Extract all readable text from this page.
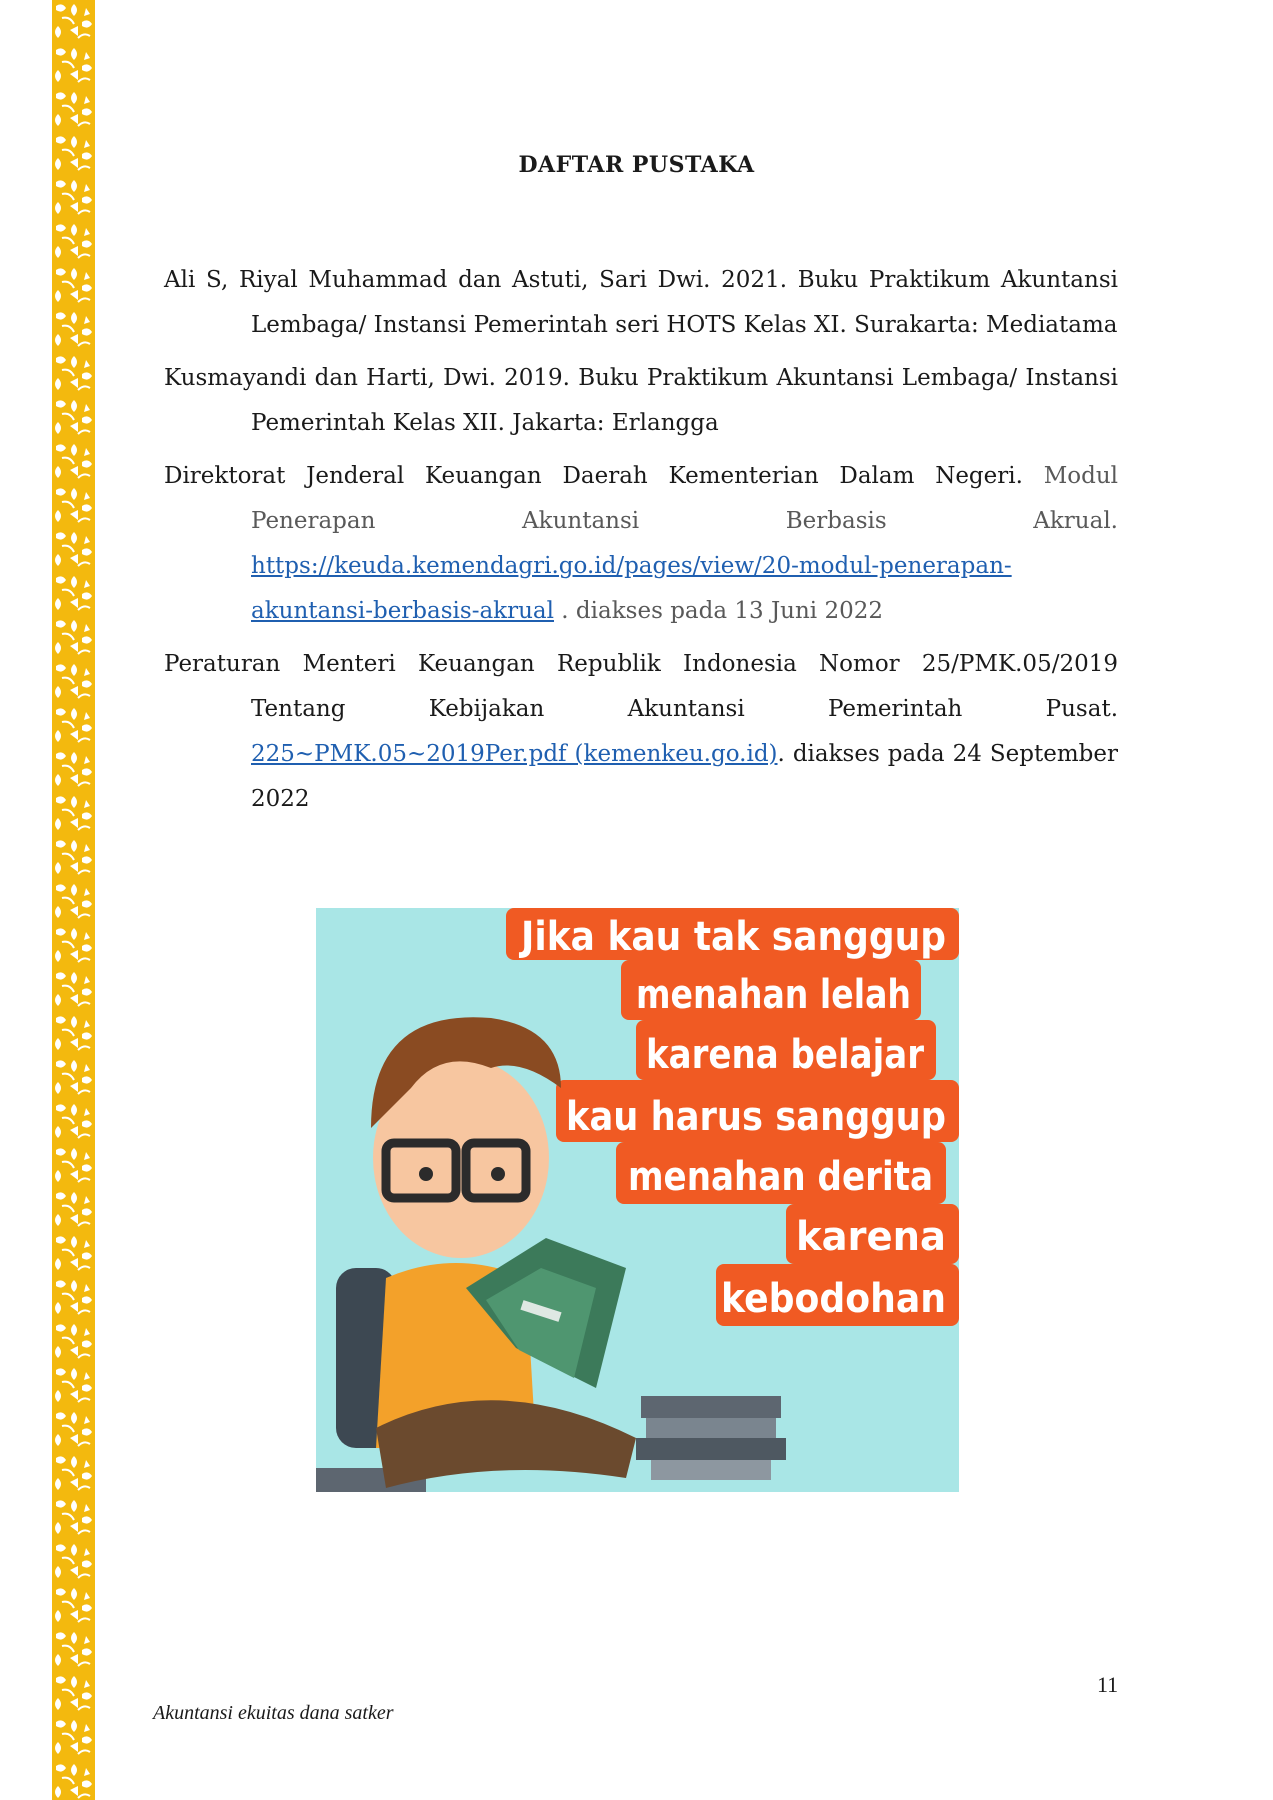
DAFTAR PUSTAKA
Ali S, Riyal Muhammad dan Astuti, Sari Dwi. 2021. Buku Praktikum Akuntansi Lembaga/ Instansi Pemerintah seri HOTS Kelas XI. Surakarta: Mediatama
Kusmayandi dan Harti, Dwi. 2019. Buku Praktikum Akuntansi Lembaga/ Instansi Pemerintah Kelas XII. Jakarta: Erlangga
Direktorat Jenderal Keuangan Daerah Kementerian Dalam Negeri. Modul Penerapan Akuntansi Berbasis Akrual. https://keuda.kemendagri.go.id/pages/view/20-modul-penerapan-akuntansi-berbasis-akrual . diakses pada 13 Juni 2022
Peraturan Menteri Keuangan Republik Indonesia Nomor 25/PMK.05/2019 Tentang Kebijakan Akuntansi Pemerintah Pusat. 225~PMK.05~2019Per.pdf (kemenkeu.go.id). diakses pada 24 September 2022
Jika kau tak sanggup
menahan lelah
karena belajar
kau harus sanggup
menahan derita
karena
kebodohan
11
Akuntansi ekuitas dana satker
